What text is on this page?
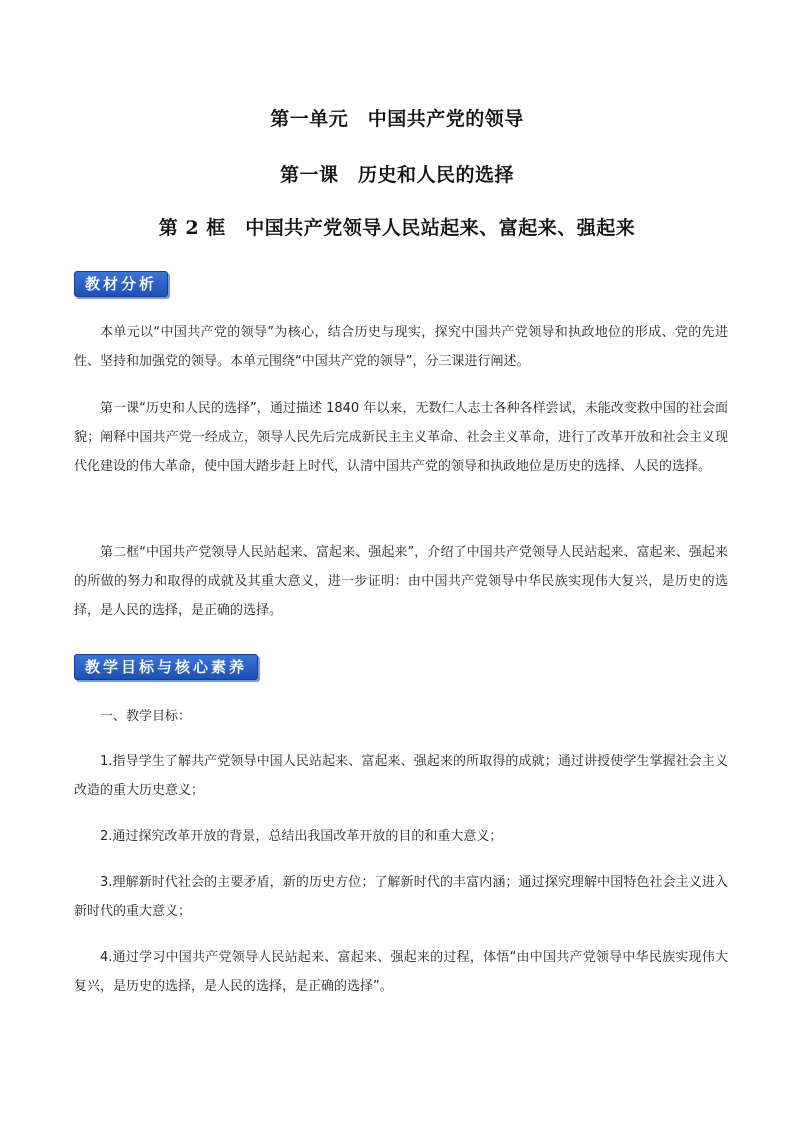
第一单元　中国共产党的领导
第一课　历史和人民的选择
第 2 框　中国共产党领导人民站起来、富起来、强起来
教材分析

本单元以“中国共产党的领导”为核心，结合历史与现实，探究中国共产党领导和执政地位的形成、党的先进性、坚持和加强党的领导。本单元围绕“中国共产党的领导”，分三课进行阐述。

第一课“历史和人民的选择”，通过描述 1840 年以来，无数仁人志士各种各样尝试，未能改变救中国的社会面貌；阐释中国共产党一经成立，领导人民先后完成新民主主义革命、社会主义革命，进行了改革开放和社会主义现代化建设的伟大革命，使中国大踏步赶上时代，认清中国共产党的领导和执政地位是历史的选择、人民的选择。

第二框“中国共产党领导人民站起来、富起来、强起来”，介绍了中国共产党领导人民站起来、富起来、强起来的所做的努力和取得的成就及其重大意义，进一步证明：由中国共产党领导中华民族实现伟大复兴，是历史的选择，是人民的选择，是正确的选择。

教学目标与核心素养

一、教学目标：

1.指导学生了解共产党领导中国人民站起来、富起来、强起来的所取得的成就；通过讲授使学生掌握社会主义改造的重大历史意义；

2.通过探究改革开放的背景，总结出我国改革开放的目的和重大意义；

3.理解新时代社会的主要矛盾，新的历史方位；了解新时代的丰富内涵；通过探究理解中国特色社会主义进入新时代的重大意义；

4.通过学习中国共产党领导人民站起来、富起来、强起来的过程，体悟“由中国共产党领导中华民族实现伟大复兴，是历史的选择，是人民的选择，是正确的选择”。
